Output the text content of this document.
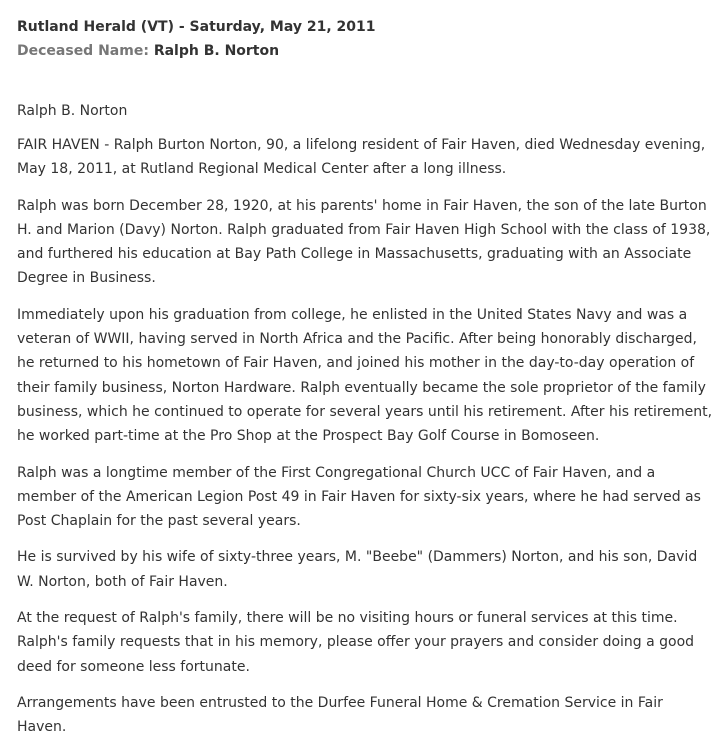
Rutland Herald (VT) - Saturday, May 21, 2011
Deceased Name: Ralph B. Norton

Ralph B. Norton

FAIR HAVEN - Ralph Burton Norton, 90, a lifelong resident of Fair Haven, died Wednesday evening, May 18, 2011, at Rutland Regional Medical Center after a long illness.

Ralph was born December 28, 1920, at his parents' home in Fair Haven, the son of the late Burton H. and Marion (Davy) Norton. Ralph graduated from Fair Haven High School with the class of 1938, and furthered his education at Bay Path College in Massachusetts, graduating with an Associate Degree in Business.

Immediately upon his graduation from college, he enlisted in the United States Navy and was a veteran of WWII, having served in North Africa and the Pacific. After being honorably discharged, he returned to his hometown of Fair Haven, and joined his mother in the day-to-day operation of their family business, Norton Hardware. Ralph eventually became the sole proprietor of the family business, which he continued to operate for several years until his retirement. After his retirement, he worked part-time at the Pro Shop at the Prospect Bay Golf Course in Bomoseen.

Ralph was a longtime member of the First Congregational Church UCC of Fair Haven, and a member of the American Legion Post 49 in Fair Haven for sixty-six years, where he had served as Post Chaplain for the past several years.

He is survived by his wife of sixty-three years, M. "Beebe" (Dammers) Norton, and his son, David W. Norton, both of Fair Haven.

At the request of Ralph's family, there will be no visiting hours or funeral services at this time. Ralph's family requests that in his memory, please offer your prayers and consider doing a good deed for someone less fortunate.

Arrangements have been entrusted to the Durfee Funeral Home & Cremation Service in Fair Haven.
